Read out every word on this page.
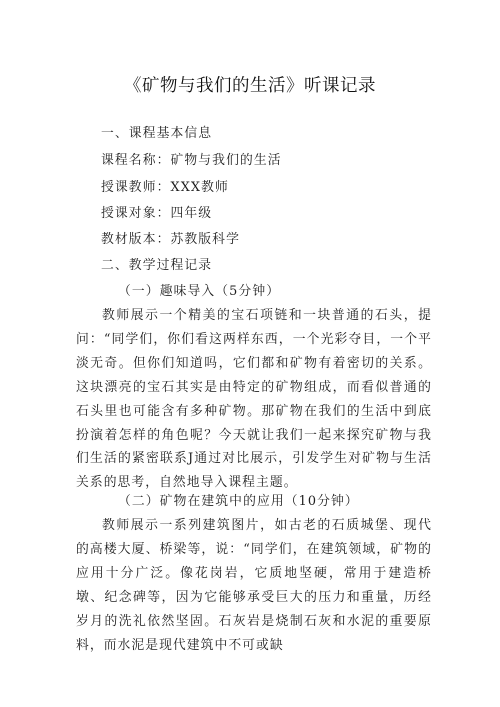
《矿物与我们的生活》听课记录

一、课程基本信息

课程名称：矿物与我们的生活

授课教师：XXX教师

授课对象：四年级

教材版本：苏教版科学

二、教学过程记录

（一）趣味导入（5分钟）

教师展示一个精美的宝石项链和一块普通的石头，提问：“同学们，你们看这两样东西，一个光彩夺目，一个平淡无奇。但你们知道吗，它们都和矿物有着密切的关系。这块漂亮的宝石其实是由特定的矿物组成，而看似普通的石头里也可能含有多种矿物。那矿物在我们的生活中到底扮演着怎样的角色呢？今天就让我们一起来探究矿物与我们生活的紧密联系J通过对比展示，引发学生对矿物与生活关系的思考，自然地导入课程主题。

（二）矿物在建筑中的应用（10分钟）

教师展示一系列建筑图片，如古老的石质城堡、现代的高楼大厦、桥梁等，说：“同学们，在建筑领域，矿物的应用十分广泛。像花岗岩，它质地坚硬，常用于建造桥墩、纪念碑等，因为它能够承受巨大的压力和重量，历经岁月的洗礼依然坚固。石灰岩是烧制石灰和水泥的重要原料，而水泥是现代建筑中不可或缺
